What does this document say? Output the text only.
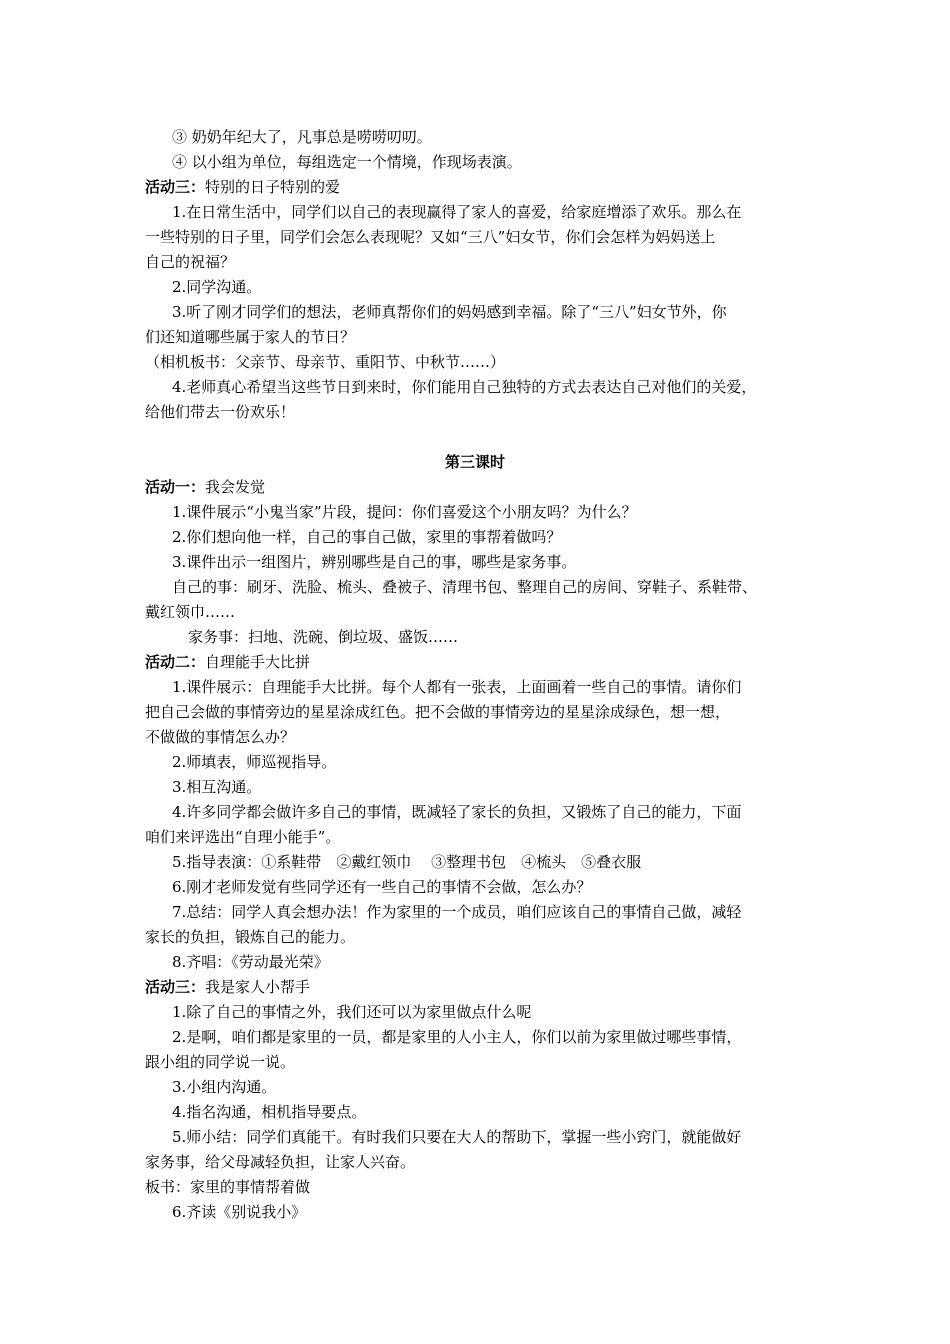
③ 奶奶年纪大了，凡事总是唠唠叨叨。
④ 以小组为单位，每组选定一个情境，作现场表演。
活动三：特别的日子特别的爱
1.在日常生活中，同学们以自己的表现赢得了家人的喜爱，给家庭增添了欢乐。那么在
一些特别的日子里，同学们会怎么表现呢？又如“三八”妇女节，你们会怎样为妈妈送上
自己的祝福？
2.同学沟通。
3.听了刚才同学们的想法，老师真帮你们的妈妈感到幸福。除了“三八”妇女节外，你
们还知道哪些属于家人的节日？
（相机板书：父亲节、母亲节、重阳节、中秋节……）
4.老师真心希望当这些节日到来时，你们能用自己独特的方式去表达自己对他们的关爱，
给他们带去一份欢乐！
第三课时
活动一：我会发觉
1.课件展示“小鬼当家”片段，提问：你们喜爱这个小朋友吗？为什么？
2.你们想向他一样，自己的事自己做，家里的事帮着做吗？
3.课件出示一组图片，辨别哪些是自己的事，哪些是家务事。
自己的事：刷牙、洗脸、梳头、叠被子、清理书包、整理自己的房间、穿鞋子、系鞋带、
戴红领巾……
家务事：扫地、洗碗、倒垃圾、盛饭……
活动二：自理能手大比拼
1.课件展示：自理能手大比拼。每个人都有一张表，上面画着一些自己的事情。请你们
把自己会做的事情旁边的星星涂成红色。把不会做的事情旁边的星星涂成绿色，想一想，
不做做的事情怎么办？
2.师填表，师巡视指导。
3.相互沟通。
4.许多同学都会做许多自己的事情，既减轻了家长的负担，又锻炼了自己的能力，下面
咱们来评选出“自理小能手”。
5.指导表演：①系鞋带　②戴红领巾　 ③整理书包　④梳头　⑤叠衣服
6.刚才老师发觉有些同学还有一些自己的事情不会做，怎么办？
7.总结：同学人真会想办法！作为家里的一个成员，咱们应该自己的事情自己做，减轻
家长的负担，锻炼自己的能力。
8.齐唱：《劳动最光荣》
活动三：我是家人小帮手
1.除了自己的事情之外，我们还可以为家里做点什么呢
2.是啊，咱们都是家里的一员，都是家里的人小主人，你们以前为家里做过哪些事情，
跟小组的同学说一说。
3.小组内沟通。
4.指名沟通，相机指导要点。
5.师小结：同学们真能干。有时我们只要在大人的帮助下，掌握一些小窍门，就能做好
家务事，给父母减轻负担，让家人兴奋。
板书：家里的事情帮着做
6.齐读《别说我小》
